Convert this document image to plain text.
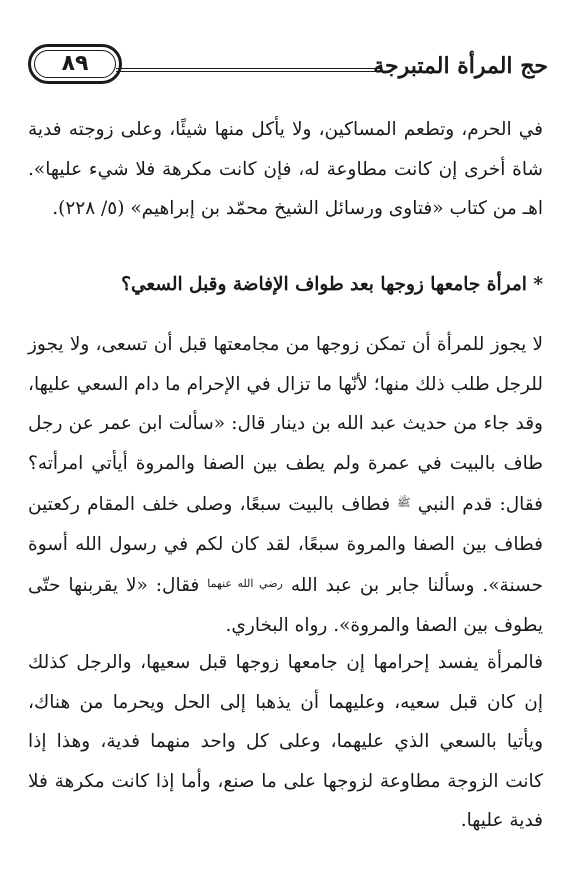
حج المرأة المتبرجة
٨٩
في الحرم، وتطعم المساكين، ولا يأكل منها شيئًا، وعلى زوجته فدية شاة أخرى إن كانت مطاوعة له، فإن كانت مكرهة فلا شيء عليها». اهـ من كتاب «فتاوى ورسائل الشيخ محمّد بن إبراهيم» (٥/ ٢٢٨).
* امرأة جامعها زوجها بعد طواف الإفاضة وقبل السعي؟
لا يجوز للمرأة أن تمكن زوجها من مجامعتها قبل أن تسعى، ولا يجوز للرجل طلب ذلك منها؛ لأنّها ما تزال في الإحرام ما دام السعي عليها، وقد جاء من حديث عبد الله بن دينار قال: «سألت ابن عمر عن رجل طاف بالبيت في عمرة ولم يطف بين الصفا والمروة أيأتي امرأته؟ فقال: قدم النبي $^ﷺ$ فطاف بالبيت سبعًا، وصلى خلف المقام ركعتين فطاف بين الصفا والمروة سبعًا، لقد كان لكم في رسول الله أسوة حسنة». وسألنا جابر بن عبد الله $^{رضي الله عنهما}$ فقال: «لا يقربنها حتّى يطوف بين الصفا والمروة». رواه البخاري.
فالمرأة يفسد إحرامها إن جامعها زوجها قبل سعيها، والرجل كذلك إن كان قبل سعيه، وعليهما أن يذهبا إلى الحل ويحرما من هناك، ويأتيا بالسعي الذي عليهما، وعلى كل واحد منهما فدية، وهذا إذا كانت الزوجة مطاوعة لزوجها على ما صنع، وأما إذا كانت مكرهة فلا فدية عليها.
